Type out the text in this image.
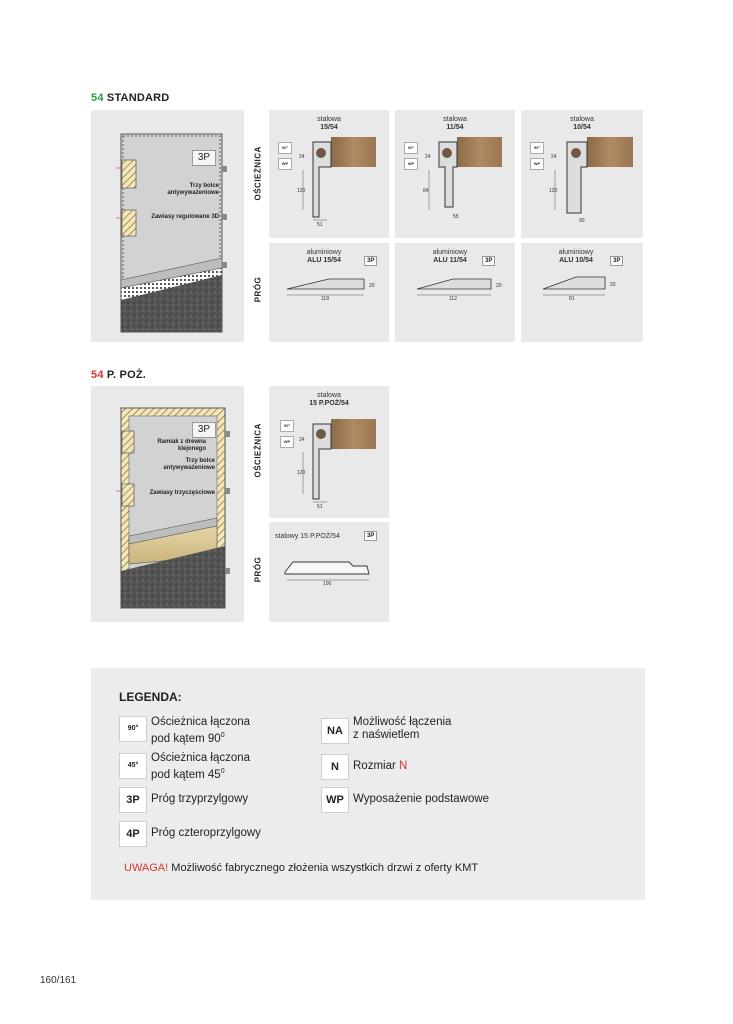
54 STANDARD
3P
Trzy bolce antywyważeniowe
Zawiasy regulowane 3D
OŚCIEŻNICA
PRÓG
stalowa
15/54
90°
WP
24
120
51
stalowa
11/54
90°
WP
24
84
55
stalowa
10/54
90°
WP
24
120
90
aluminiowy
ALU 15/54	3P
20
118
aluminiowy
ALU 11/54	3P
20
112
aluminiowy
ALU 10/54	3P
20
81
54 P. POŻ.
3P
Ramiak z drewna klejonego
Trzy bolce antywyważeniowe
Zawiasy trzyczęściowe
OŚCIEŻNICA
PRÓG
stalowa
15 P.POŻ/54
90°
WP	24
120
51
stalowy 15 P.POŻ/54	3P
100
LEGENDA:
90°
Ościeżnica łączona
pod kątem $90^0$
45°
Ościeżnica łączona
pod kątem $45^0$
3P Próg trzyprzylgowy
4P Próg czteroprzylgowy
NA
Możliwość łączenia
z naświetlem
N	Rozmiar N
WP Wyposażenie podstawowe
UWAGA! Możliwość fabrycznego złożenia wszystkich drzwi z oferty KMT
160/161
